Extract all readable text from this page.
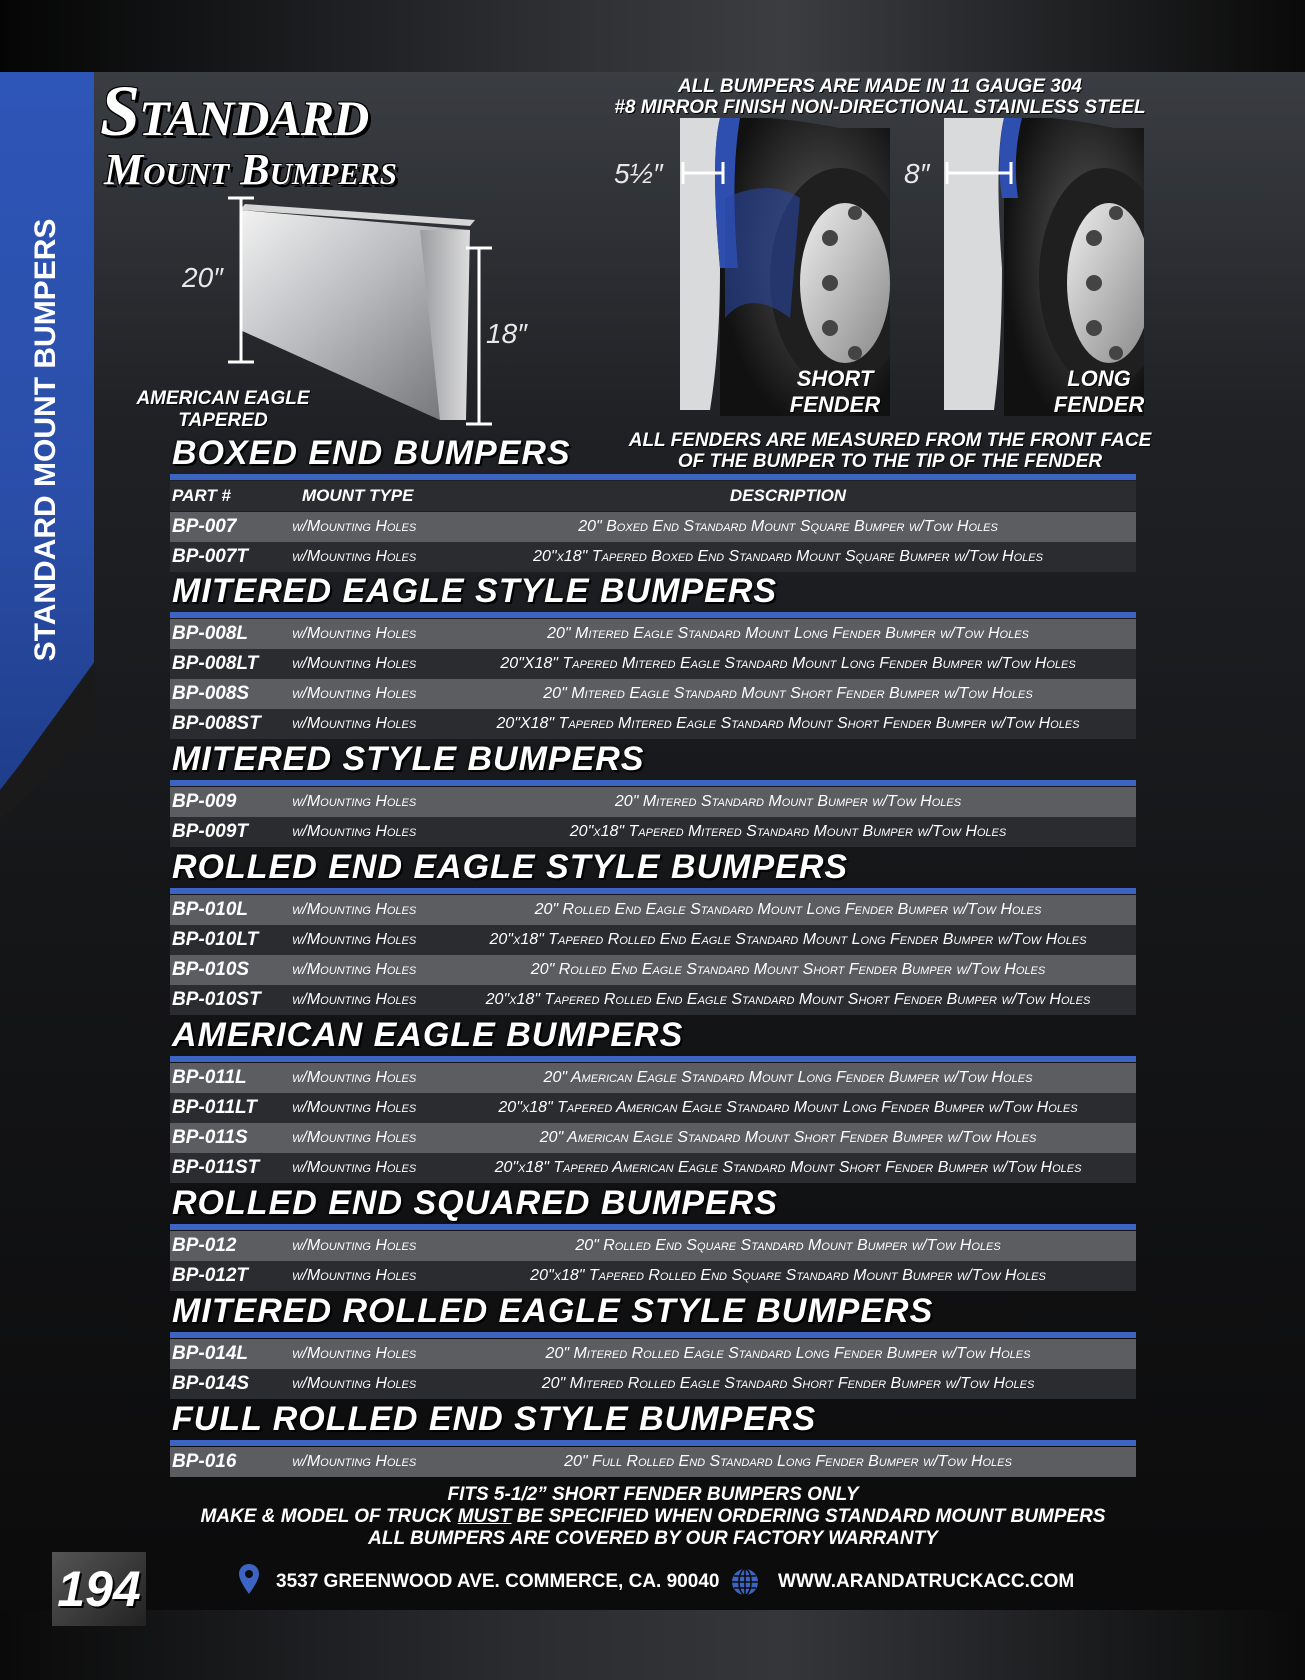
STANDARD MOUNT BUMPERS
Standard
Mount Bumpers
20″
18″
AMERICAN EAGLE
TAPERED
ALL BUMPERS ARE MADE IN 11 GAUGE 304
#8 MIRROR FINISH NON-DIRECTIONAL STAINLESS STEEL
5½″	8″
SHORT
FENDER
LONG
FENDER
ALL FENDERS ARE MEASURED FROM THE FRONT FACE
OF THE BUMPER TO THE TIP OF THE FENDER
BOXED END BUMPERS
PART #	MOUNT TYPE	DESCRIPTION
BP-007	w/Mounting Holes	20" Boxed End Standard Mount Square Bumper w/Tow Holes
BP-007T	w/Mounting Holes	20"x18" Tapered Boxed End Standard Mount Square Bumper w/Tow Holes
MITERED EAGLE STYLE BUMPERS
BP-008L	w/Mounting Holes	20" Mitered Eagle Standard Mount Long Fender Bumper w/Tow Holes
BP-008LT w/Mounting Holes	20"X18" Tapered Mitered Eagle Standard Mount Long Fender Bumper w/Tow Holes
BP-008S	w/Mounting Holes	20" Mitered Eagle Standard Mount Short Fender Bumper w/Tow Holes
BP-008ST w/Mounting Holes	20"X18" Tapered Mitered Eagle Standard Mount Short Fender Bumper w/Tow Holes
MITERED STYLE BUMPERS
BP-009	w/Mounting Holes	20" Mitered Standard Mount Bumper w/Tow Holes
BP-009T	w/Mounting Holes	20"x18" Tapered Mitered Standard Mount Bumper w/Tow Holes
ROLLED END EAGLE STYLE BUMPERS
BP-010L	w/Mounting Holes	20" Rolled End Eagle Standard Mount Long Fender Bumper w/Tow Holes
BP-010LT w/Mounting Holes	20"x18" Tapered Rolled End Eagle Standard Mount Long Fender Bumper w/Tow Holes
BP-010S	w/Mounting Holes	20" Rolled End Eagle Standard Mount Short Fender Bumper w/Tow Holes
BP-010ST w/Mounting Holes	20"x18" Tapered Rolled End Eagle Standard Mount Short Fender Bumper w/Tow Holes
AMERICAN EAGLE BUMPERS
BP-011L	w/Mounting Holes	20" American Eagle Standard Mount Long Fender Bumper w/Tow Holes
BP-011LT w/Mounting Holes	20"x18" Tapered American Eagle Standard Mount Long Fender Bumper w/Tow Holes
BP-011S	w/Mounting Holes	20" American Eagle Standard Mount Short Fender Bumper w/Tow Holes
BP-011ST w/Mounting Holes	20"x18" Tapered American Eagle Standard Mount Short Fender Bumper w/Tow Holes
ROLLED END SQUARED BUMPERS
BP-012	w/Mounting Holes	20" Rolled End Square Standard Mount Bumper w/Tow Holes
BP-012T	w/Mounting Holes	20"x18" Tapered Rolled End Square Standard Mount Bumper w/Tow Holes
MITERED ROLLED EAGLE STYLE BUMPERS
BP-014L	w/Mounting Holes	20" Mitered Rolled Eagle Standard Long Fender Bumper w/Tow Holes
BP-014S	w/Mounting Holes	20" Mitered Rolled Eagle Standard Short Fender Bumper w/Tow Holes
FULL ROLLED END STYLE BUMPERS
BP-016	w/Mounting Holes	20" Full Rolled End Standard Long Fender Bumper w/Tow Holes
FITS 5-1/2” SHORT FENDER BUMPERS ONLY
MAKE & MODEL OF TRUCK MUST BE SPECIFIED WHEN ORDERING STANDARD MOUNT BUMPERS
ALL BUMPERS ARE COVERED BY OUR FACTORY WARRANTY
194	3537 GREENWOOD AVE. COMMERCE, CA. 90040	WWW.ARANDATRUCKACC.COM
